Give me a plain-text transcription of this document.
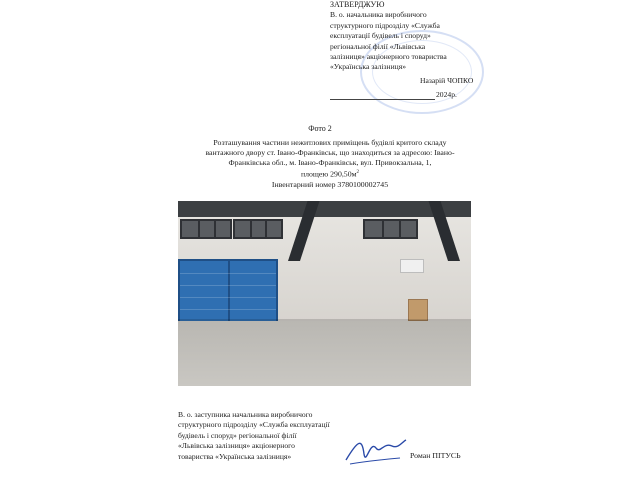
ЗАТВЕРДЖУЮ
В. о. начальника виробничого
структурного підрозділу «Служба
експлуатації будівель і споруд»
регіональної філії «Львівська
залізниця» акціонерного товариства
«Українська залізниця»
Назарій ЧОПКО
2024р.
Фото 2
Розташування частини нежитлових приміщень будівлі критого складу
вантажного двору ст. Івано-Франківськ, що знаходиться за адресою: Івано-
Франківська обл., м. Івано-Франківськ, вул. Привокзальна, 1,
площею $290,50м^2$
Інвентарний номер 3780100002745
В. о. заступника начальника виробничого
структурного підрозділу «Служба експлуатації
будівель і споруд» регіональної філії
«Львівська залізниця» акціонерного
товариства «Українська залізниця»	Роман ПІТУСЬ
